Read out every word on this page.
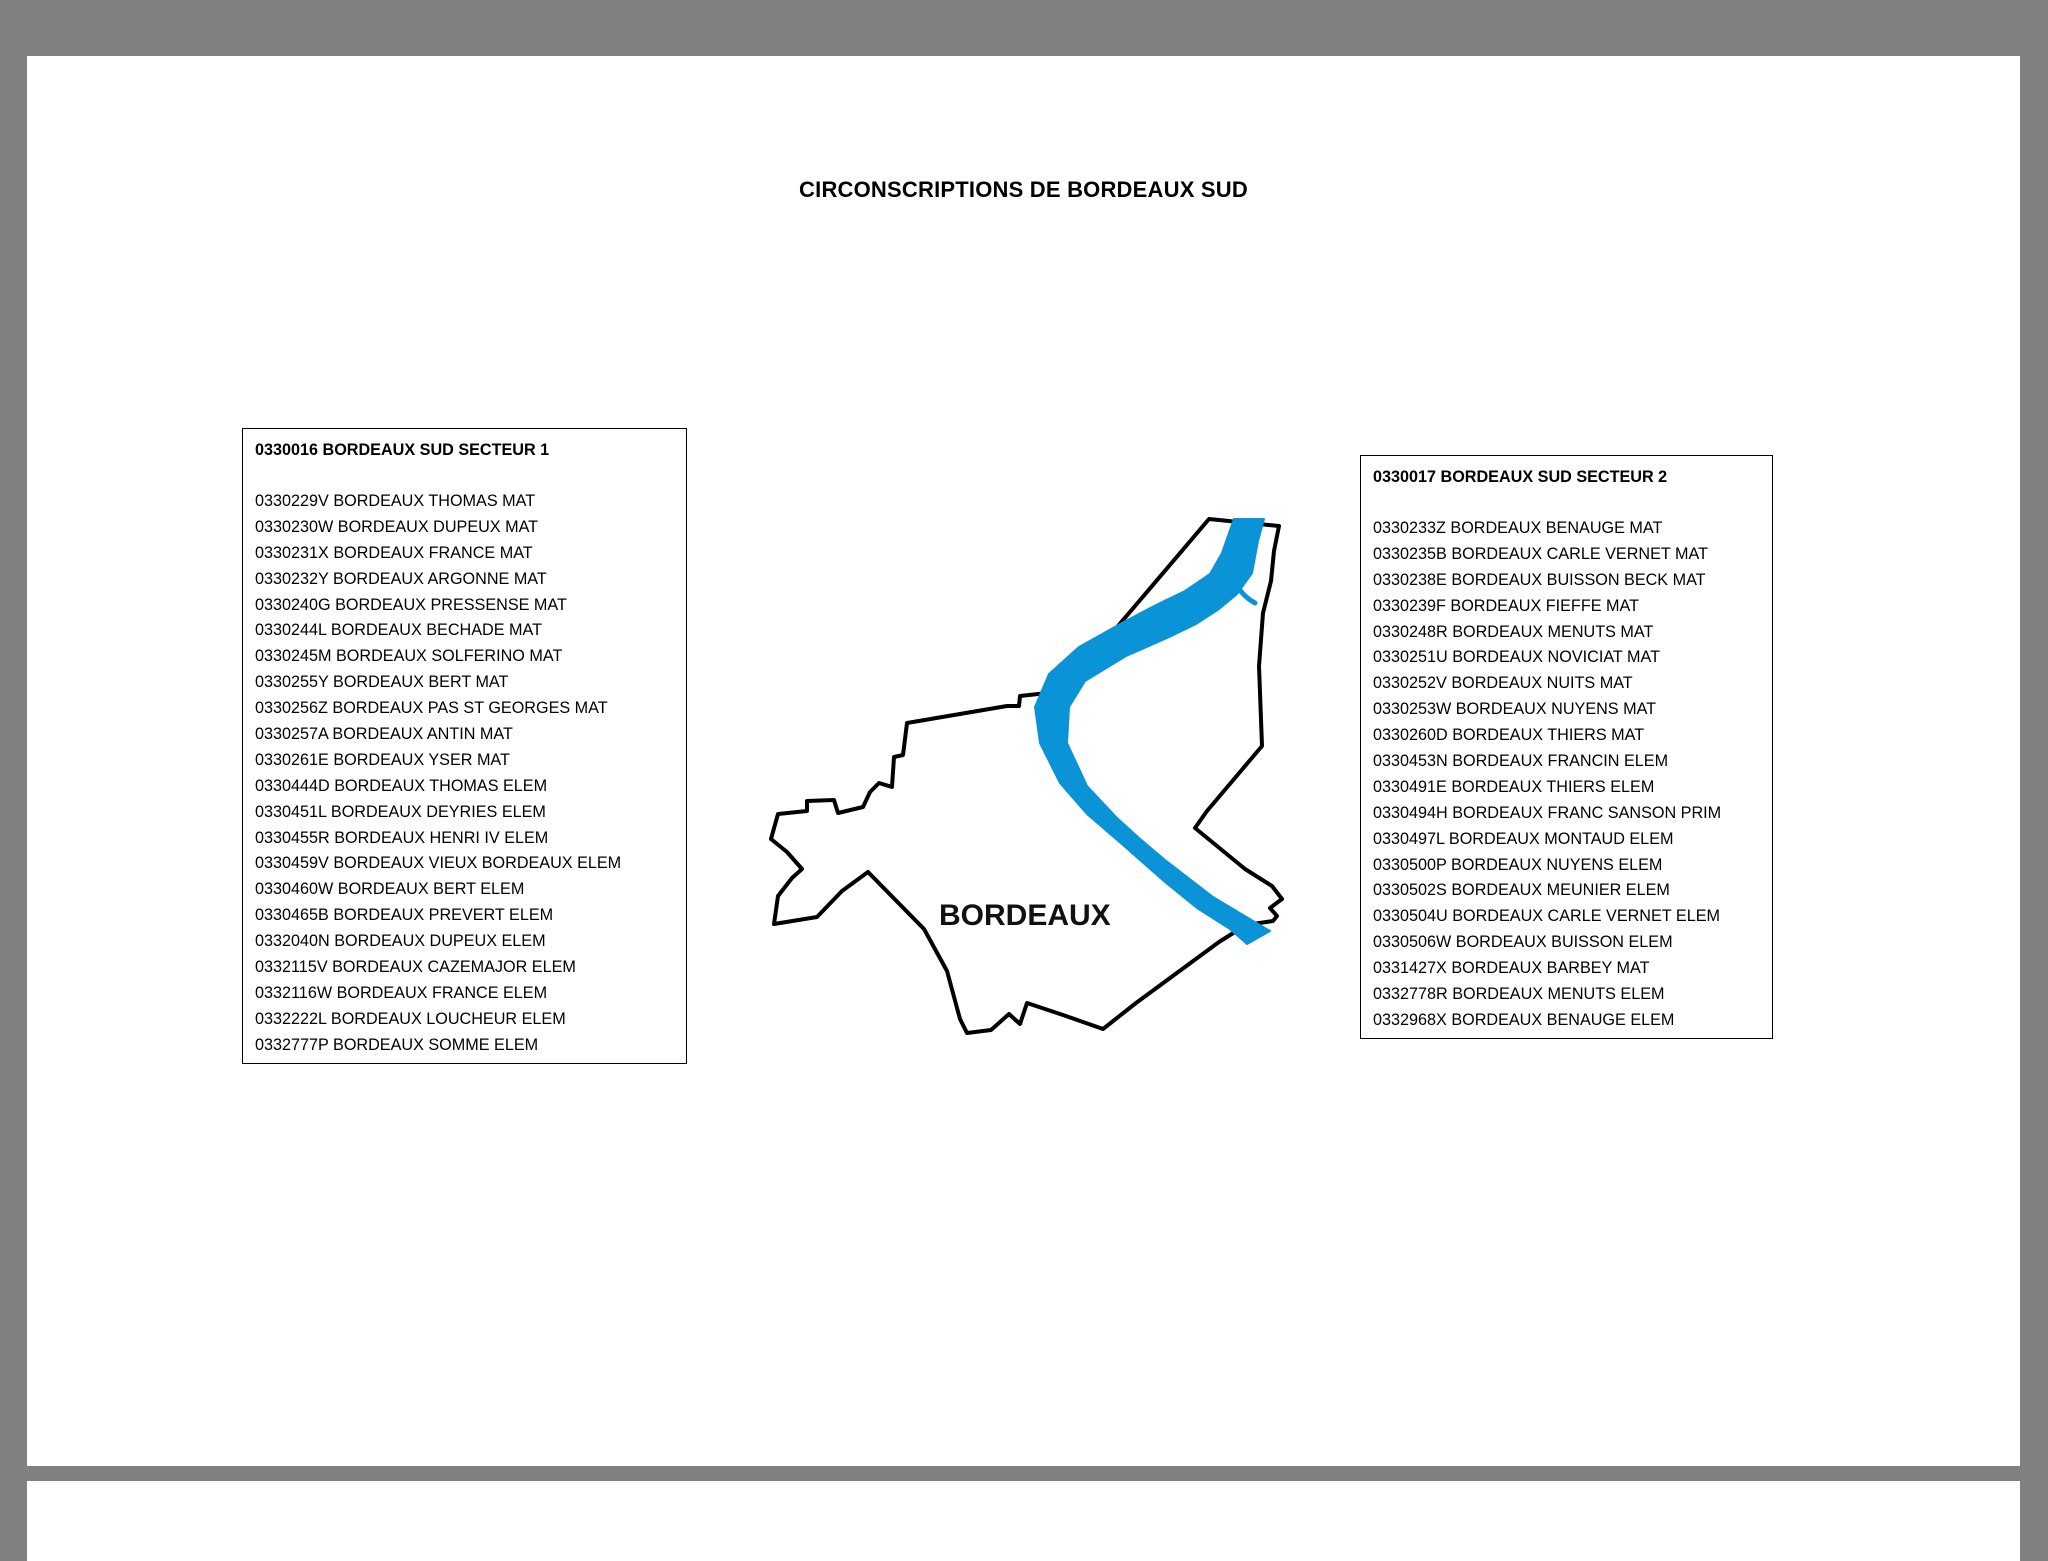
CIRCONSCRIPTIONS DE BORDEAUX SUD
0330016 BORDEAUX SUD SECTEUR 1
0330229V BORDEAUX THOMAS MAT
0330230W BORDEAUX DUPEUX MAT
0330231X BORDEAUX FRANCE MAT
0330232Y BORDEAUX ARGONNE MAT
0330240G BORDEAUX PRESSENSE MAT
0330244L BORDEAUX BECHADE MAT
0330245M BORDEAUX SOLFERINO MAT
0330255Y BORDEAUX BERT MAT
0330256Z BORDEAUX PAS ST GEORGES MAT
0330257A BORDEAUX ANTIN MAT
0330261E BORDEAUX YSER MAT
0330444D BORDEAUX THOMAS ELEM
0330451L BORDEAUX DEYRIES ELEM
0330455R BORDEAUX HENRI IV ELEM
0330459V BORDEAUX VIEUX BORDEAUX ELEM
0330460W BORDEAUX BERT ELEM
0330465B BORDEAUX PREVERT ELEM
0332040N BORDEAUX DUPEUX ELEM
0332115V BORDEAUX CAZEMAJOR ELEM
0332116W BORDEAUX FRANCE ELEM
0332222L BORDEAUX LOUCHEUR ELEM
0332777P BORDEAUX SOMME ELEM
BORDEAUX
0330017 BORDEAUX SUD SECTEUR 2
0330233Z BORDEAUX BENAUGE MAT
0330235B BORDEAUX CARLE VERNET MAT
0330238E BORDEAUX BUISSON BECK MAT
0330239F BORDEAUX FIEFFE MAT
0330248R BORDEAUX MENUTS MAT
0330251U BORDEAUX NOVICIAT MAT
0330252V BORDEAUX NUITS MAT
0330253W BORDEAUX NUYENS MAT
0330260D BORDEAUX THIERS MAT
0330453N BORDEAUX FRANCIN ELEM
0330491E BORDEAUX THIERS ELEM
0330494H BORDEAUX FRANC SANSON PRIM
0330497L BORDEAUX MONTAUD ELEM
0330500P BORDEAUX NUYENS ELEM
0330502S BORDEAUX MEUNIER ELEM
0330504U BORDEAUX CARLE VERNET ELEM
0330506W BORDEAUX BUISSON ELEM
0331427X BORDEAUX BARBEY MAT
0332778R BORDEAUX MENUTS ELEM
0332968X BORDEAUX BENAUGE ELEM
